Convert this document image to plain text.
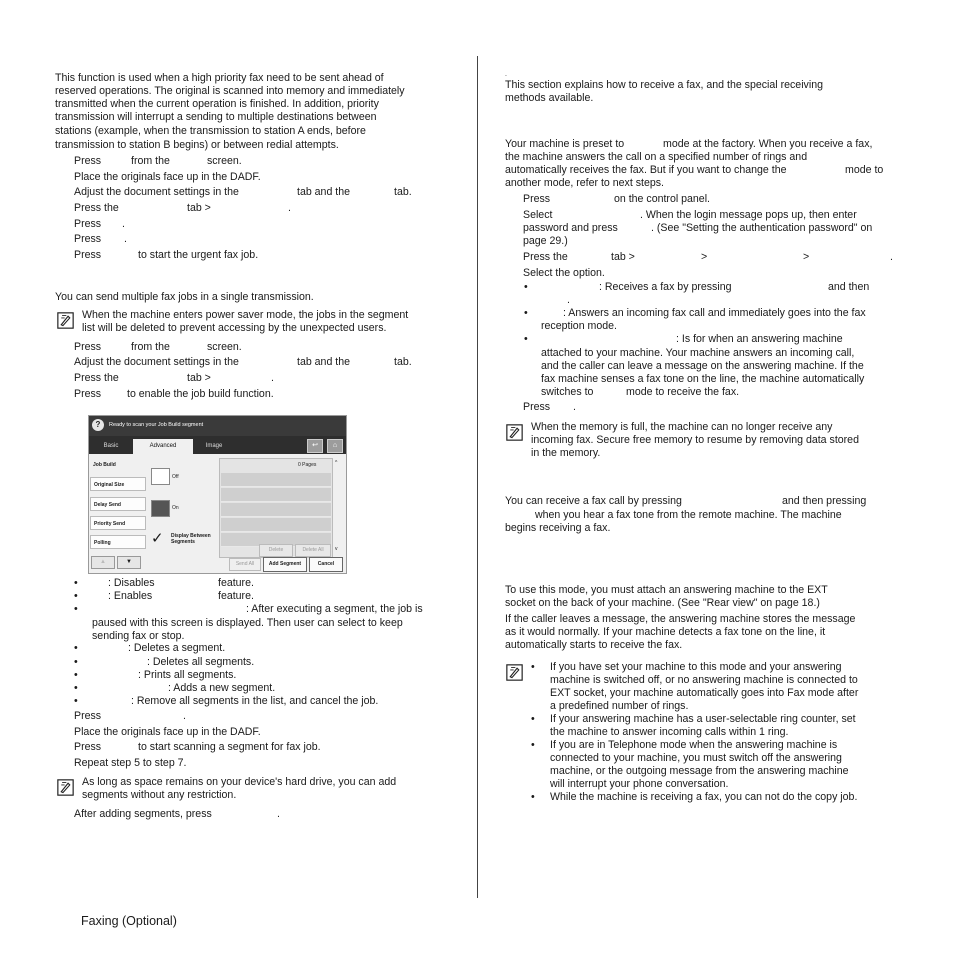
This function is used when a high priority fax need to be sent ahead of
reserved operations. The original is scanned into memory and immediately
transmitted when the current operation is finished. In addition, priority
transmission will interrupt a sending to multiple destinations between
stations (example, when the transmission to station A ends, before
transmission to station B begins) or between redial attempts.
Press	from the	screen.
Place the originals face up in the DADF.
Adjust the document settings in the	tab and the	tab.
Press the	tab >	.
Press .
Press .
Press	to start the urgent fax job.
You can send multiple fax jobs in a single transmission.
When the machine enters power saver mode, the jobs in the segment
list will be deleted to prevent accessing by the unexpected users.
Press	from the	screen.
Adjust the document settings in the	tab and the	tab.
Press the	tab >	.
Press to enable the job build function.
?	Ready to scan your Job Build segment
Basic	Advanced	Image	↩	⌂
Job Build
Original Size
Delay Send
Priority Send
Polling
Off
On
✓	Display Between
Segments
0 Pages	^
v
Delete	Delete All
Send All	Add Segment	Cancel
▲	▼
•	: Disables	feature.
•	: Enables	feature.
•	: After executing a segment, the job is
paused with this screen is displayed. Then user can select to keep
sending fax or stop.
•	: Deletes a segment.
•	: Deletes all segments.
•	: Prints all segments.
•	: Adds a new segment.
•	: Remove all segments in the list, and cancel the job.
Press	.
Place the originals face up in the DADF.
Press	to start scanning a segment for fax job.
Repeat step 5 to step 7.
As long as space remains on your device's hard drive, you can add
segments without any restriction.
After adding segments, press	.
.
This section explains how to receive a fax, and the special receiving
methods available.
Your machine is preset to	mode at the factory. When you receive a fax,
the machine answers the call on a specified number of rings and
automatically receives the fax. But if you want to change the	mode to
another mode, refer to next steps.
Press	on the control panel.
Select	. When the login message pops up, then enter
password and press	. (See "Setting the authentication password" on
page 29.)
Press the	tab >	>	>	.
Select the option.
•	: Receives a fax by pressing	and then
.
•	: Answers an incoming fax call and immediately goes into the fax
reception mode.
•	: Is for when an answering machine
attached to your machine. Your machine answers an incoming call,
and the caller can leave a message on the answering machine. If the
fax machine senses a fax tone on the line, the machine automatically
switches to	mode to receive the fax.
Press .
When the memory is full, the machine can no longer receive any
incoming fax. Secure free memory to resume by removing data stored
in the memory.
You can receive a fax call by pressing	and then pressing
when you hear a fax tone from the remote machine. The machine
begins receiving a fax.
To use this mode, you must attach an answering machine to the EXT
socket on the back of your machine. (See "Rear view" on page 18.)
If the caller leaves a message, the answering machine stores the message
as it would normally. If your machine detects a fax tone on the line, it
automatically starts to receive the fax.
• If you have set your machine to this mode and your answering
machine is switched off, or no answering machine is connected to
EXT socket, your machine automatically goes into Fax mode after
a predefined number of rings.
• If your answering machine has a user-selectable ring counter, set
the machine to answer incoming calls within 1 ring.
• If you are in Telephone mode when the answering machine is
connected to your machine, you must switch off the answering
machine, or the outgoing message from the answering machine
will interrupt your phone conversation.
• While the machine is receiving a fax, you can not do the copy job.
Faxing (Optional)
